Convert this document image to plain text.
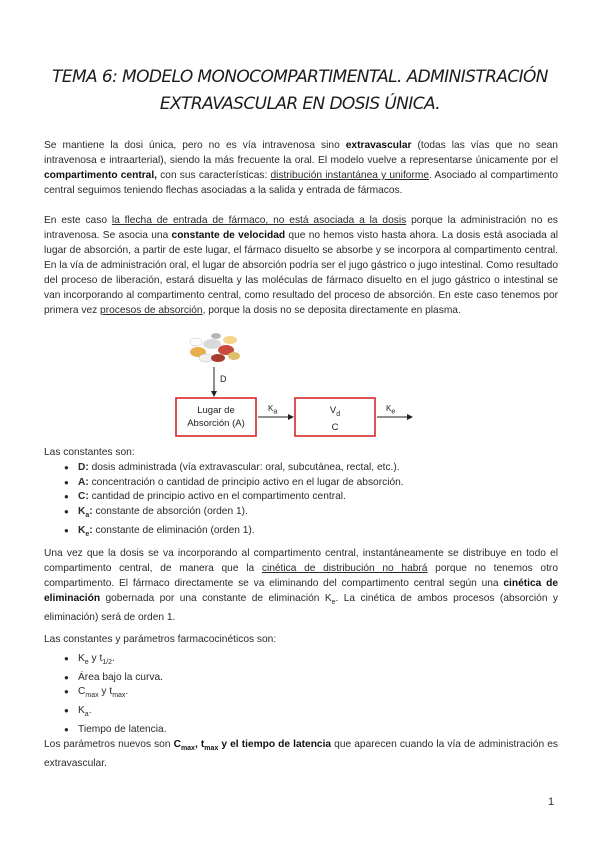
TEMA 6: MODELO MONOCOMPARTIMENTAL. ADMINISTRACIÓN
EXTRAVASCULAR EN DOSIS ÚNICA.
Se mantiene la dosi única, pero no es vía intravenosa sino extravascular (todas las vías que no sean intravenosa e intraarterial), siendo la más frecuente la oral. El modelo vuelve a representarse únicamente por el compartimento central, con sus características: distribución instantánea y uniforme. Asociado al compartimento central seguimos teniendo flechas asociadas a la salida y entrada de fármacos.
En este caso la flecha de entrada de fármaco, no está asociada a la dosis porque la administración no es intravenosa. Se asocia una constante de velocidad que no hemos visto hasta ahora. La dosis está asociada al lugar de absorción, a partir de este lugar, el fármaco disuelto se absorbe y se incorpora al compartimento central. En la vía de administración oral, el lugar de absorción podría ser el jugo gástrico o jugo intestinal. Como resultado del proceso de liberación, estará disuelta y las moléculas de fármaco disuelto en el jugo gástrico o intestinal se van incorporando al compartimento central, como resultado del proceso de absorción. En este caso tenemos por primera vez procesos de absorción, porque la dosis no se deposita directamente en plasma.
D
Lugar de
Absorción (A)
$K_a$	$V_d$
C
$K_e$

Las constantes son:

● D: dosis administrada (vía extravascular: oral, subcutánea, rectal, etc.).
● A: concentración o cantidad de principio activo en el lugar de absorción.
● C: cantidad de principio activo en el compartimento central.
● $K_a$: constante de absorción (orden 1).
● $K_e$: constante de eliminación (orden 1).
Una vez que la dosis se va incorporando al compartimento central, instantáneamente se distribuye en todo el compartimento central, de manera que la cinética de distribución no habrá porque no tenemos otro compartimento. El fármaco directamente se va eliminando del compartimento central según una cinética de eliminación gobernada por una constante de eliminación $K_e$. La cinética de ambos procesos (absorción y eliminación) será de orden 1.

Las constantes y parámetros farmacocinéticos son:

● $K_e$ y $t_{1/2}$.
● Área bajo la curva.
● $C_{max}$ y $t_{max}$.
● $K_a$.
● Tiempo de latencia.
Los parámetros nuevos son $C_{max}$, $t_{max}$ y el tiempo de latencia que aparecen cuando la vía de administración es extravascular.
1
